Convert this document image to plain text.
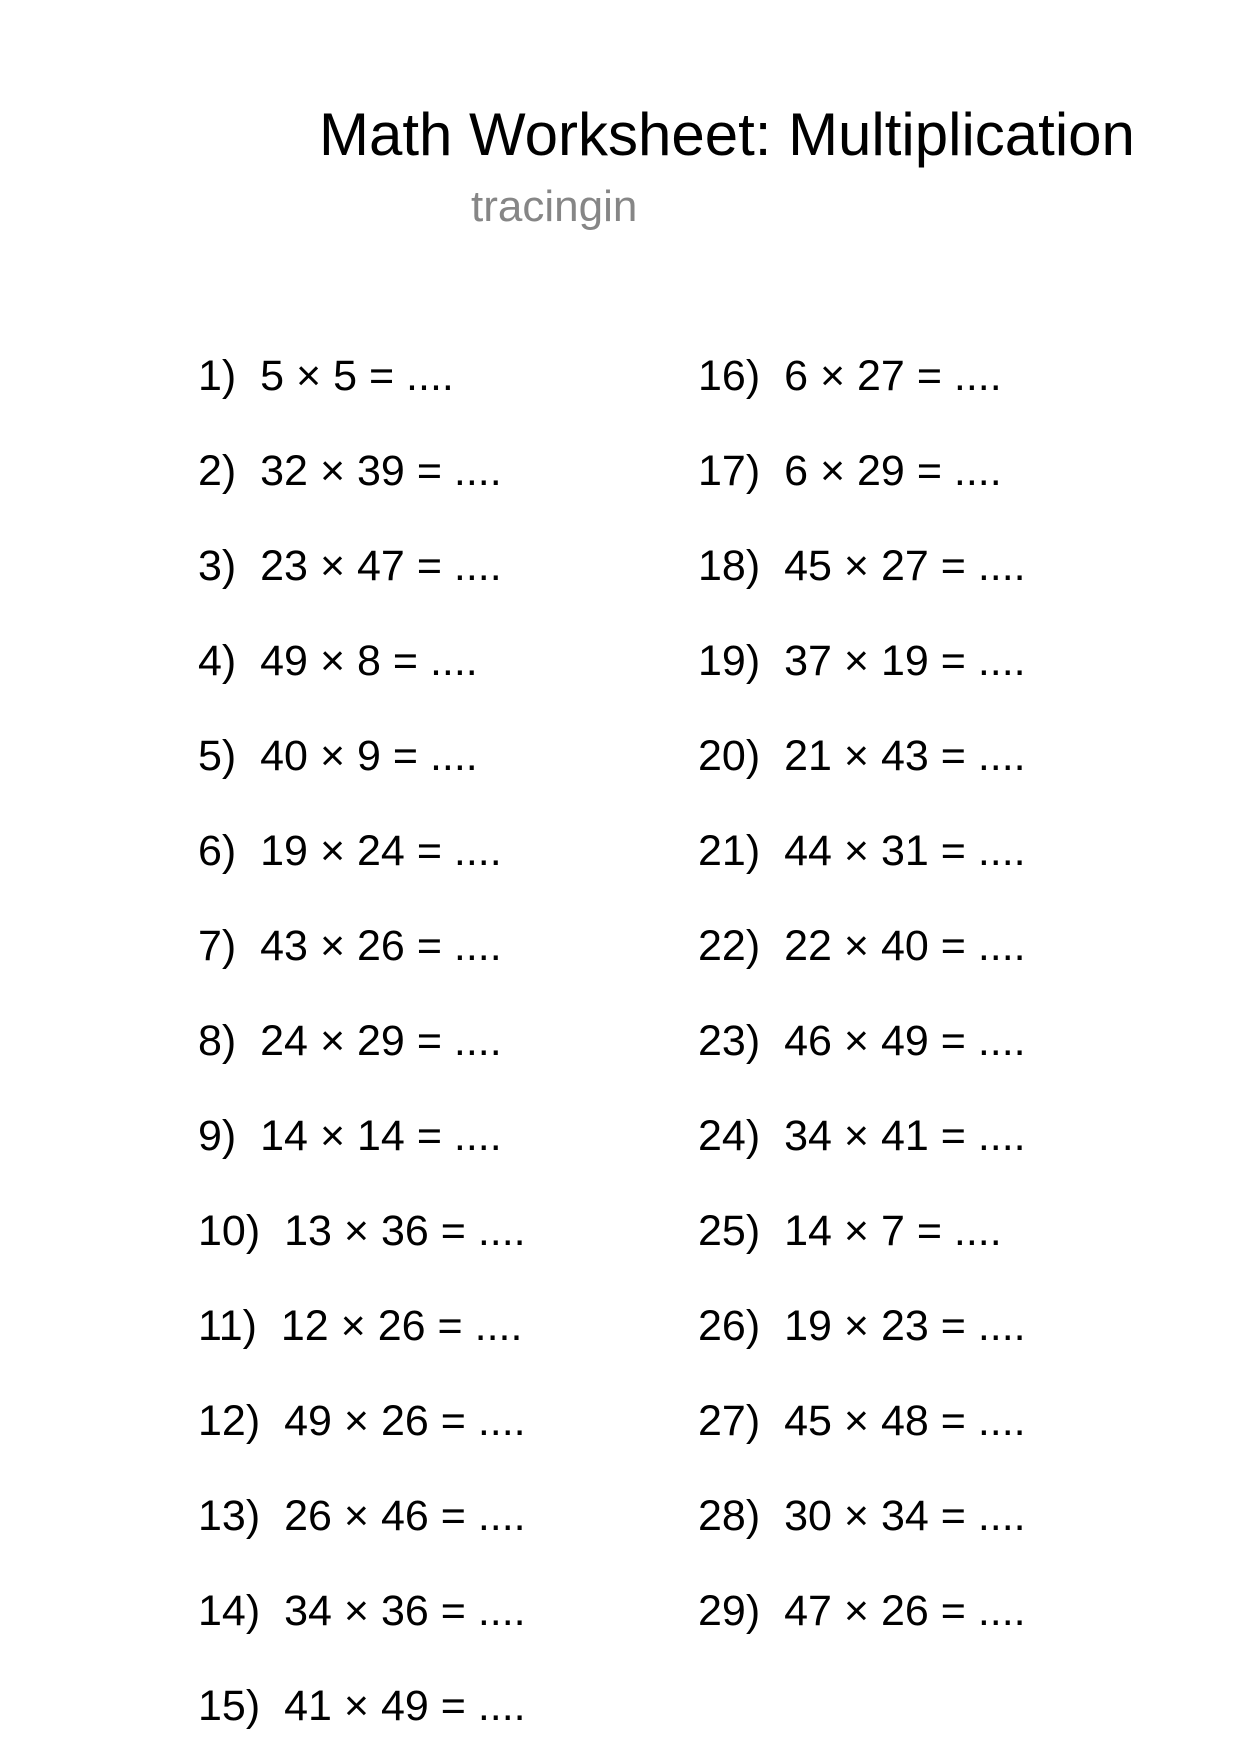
Math Worksheet: Multiplication
tracingin
1) 5 × 5 = ....
2) 32 × 39 = ....
3) 23 × 47 = ....
4) 49 × 8 = ....
5) 40 × 9 = ....
6) 19 × 24 = ....
7) 43 × 26 = ....
8) 24 × 29 = ....
9) 14 × 14 = ....
10) 13 × 36 = ....
11) 12 × 26 = ....
12) 49 × 26 = ....
13) 26 × 46 = ....
14) 34 × 36 = ....
15) 41 × 49 = ....
16) 6 × 27 = ....
17) 6 × 29 = ....
18) 45 × 27 = ....
19) 37 × 19 = ....
20) 21 × 43 = ....
21) 44 × 31 = ....
22) 22 × 40 = ....
23) 46 × 49 = ....
24) 34 × 41 = ....
25) 14 × 7 = ....
26) 19 × 23 = ....
27) 45 × 48 = ....
28) 30 × 34 = ....
29) 47 × 26 = ....
